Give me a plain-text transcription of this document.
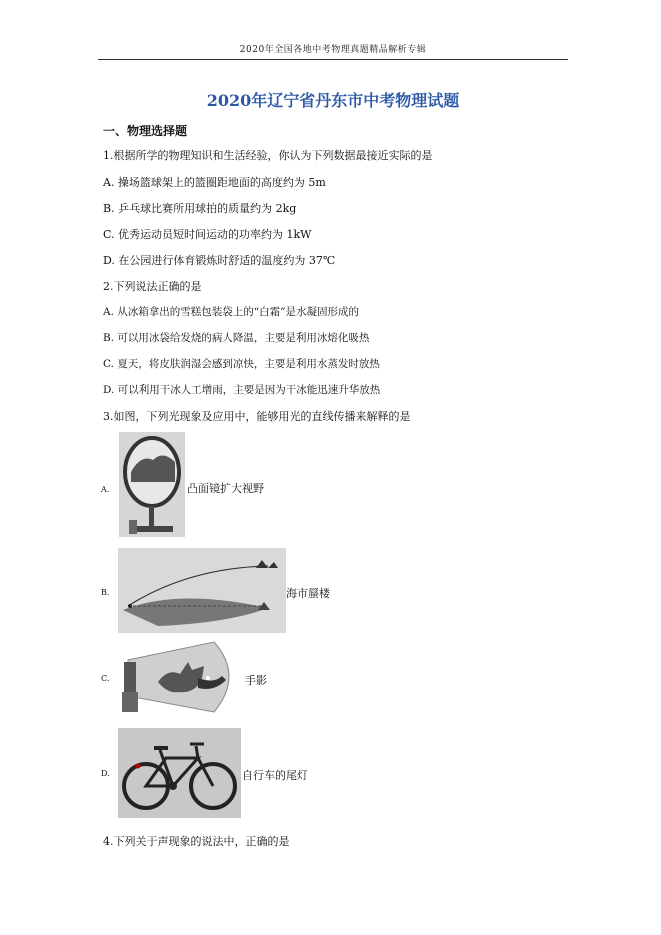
2020年全国各地中考物理真题精品解析专辑
2020年辽宁省丹东市中考物理试题
一、物理选择题
1.根据所学的物理知识和生活经验，你认为下列数据最接近实际的是
A. 操场篮球架上的篮圈距地面的高度约为 5m
B. 乒乓球比赛所用球拍的质量约为 2kg
C. 优秀运动员短时间运动的功率约为 1kW
D. 在公园进行体育锻炼时舒适的温度约为 37℃
2.下列说法正确的是
A. 从冰箱拿出的雪糕包装袋上的“白霜”是水凝固形成的
B. 可以用冰袋给发烧的病人降温，主要是利用冰熔化吸热
C. 夏天，将皮肤润湿会感到凉快，主要是利用水蒸发时放热
D. 可以利用干冰人工增雨，主要是因为干冰能迅速升华放热
3.如图，下列光现象及应用中，能够用光的直线传播来解释的是
A.	凸面镜扩大视野
B.	海市蜃楼
C.	手影
D.	自行车的尾灯
4.下列关于声现象的说法中，正确的是
